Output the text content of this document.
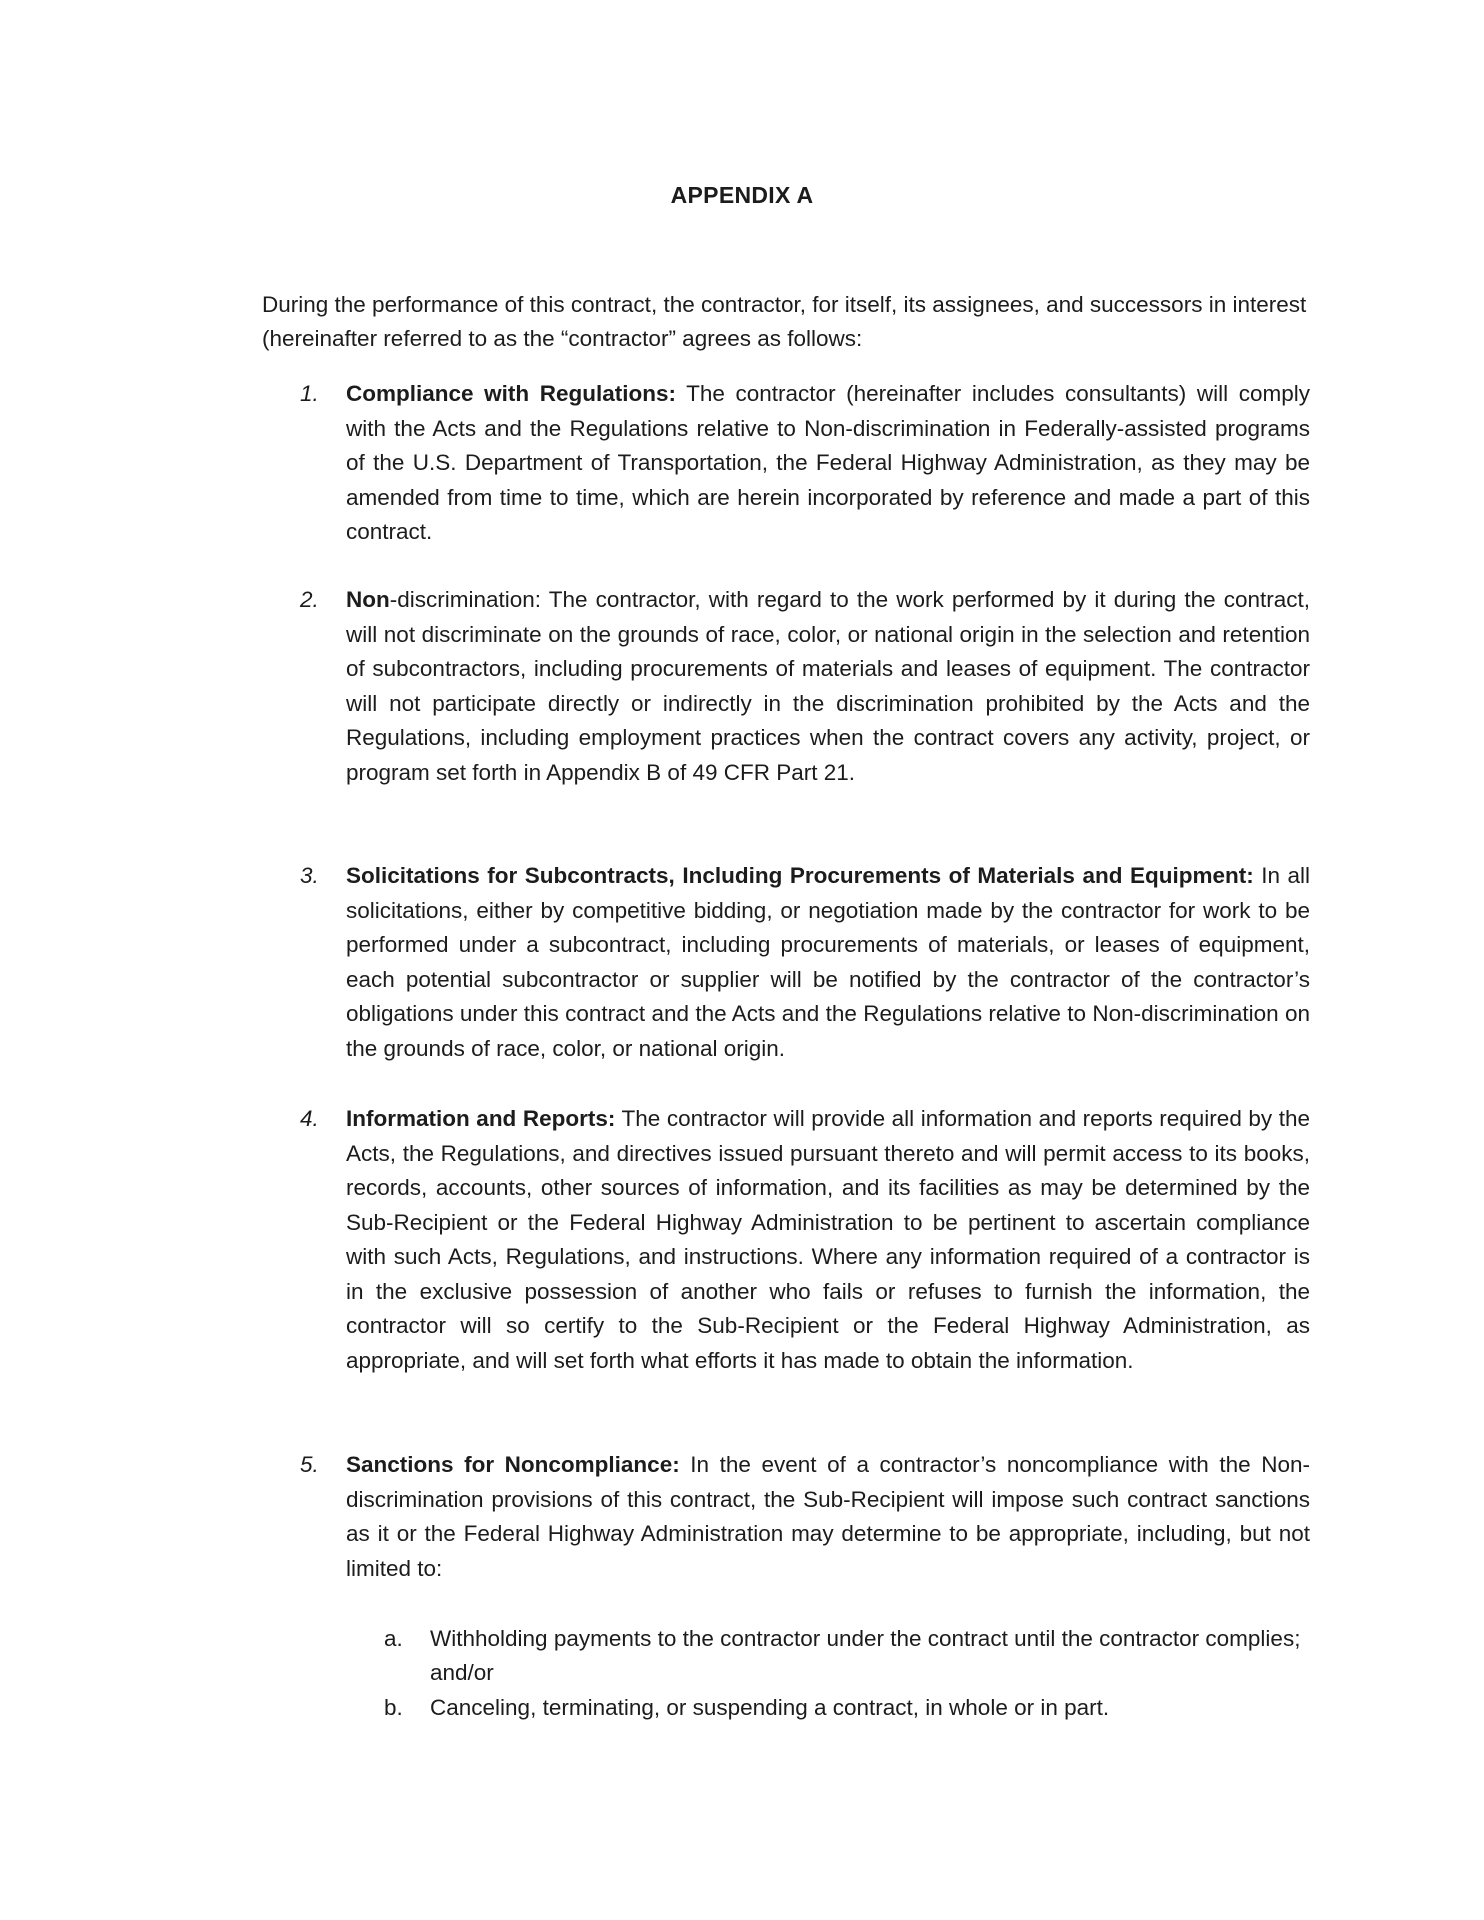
APPENDIX A
During the performance of this contract, the contractor, for itself, its assignees, and successors in interest (hereinafter referred to as the “contractor” agrees as follows:
1.	Compliance with Regulations: The contractor (hereinafter includes consultants) will comply with the Acts and the Regulations relative to Non-discrimination in Federally-assisted programs of the U.S. Department of Transportation, the Federal Highway Administration, as they may be amended from time to time, which are herein incorporated by reference and made a part of this contract.
2.	Non-discrimination: The contractor, with regard to the work performed by it during the contract, will not discriminate on the grounds of race, color, or national origin in the selection and retention of subcontractors, including procurements of materials and leases of equipment. The contractor will not participate directly or indirectly in the discrimination prohibited by the Acts and the Regulations, including employment practices when the contract covers any activity, project, or program set forth in Appendix B of 49 CFR Part 21.
3.	Solicitations for Subcontracts, Including Procurements of Materials and Equipment: In all solicitations, either by competitive bidding, or negotiation made by the contractor for work to be performed under a subcontract, including procurements of materials, or leases of equipment, each potential subcontractor or supplier will be notified by the contractor of the contractor’s obligations under this contract and the Acts and the Regulations relative to Non-discrimination on the grounds of race, color, or national origin.
4.	Information and Reports: The contractor will provide all information and reports required by the Acts, the Regulations, and directives issued pursuant thereto and will permit access to its books, records, accounts, other sources of information, and its facilities as may be determined by the Sub-Recipient or the Federal Highway Administration to be pertinent to ascertain compliance with such Acts, Regulations, and instructions. Where any information required of a contractor is in the exclusive possession of another who fails or refuses to furnish the information, the contractor will so certify to the Sub-Recipient or the Federal Highway Administration, as appropriate, and will set forth what efforts it has made to obtain the information.
5.	Sanctions for Noncompliance: In the event of a contractor’s noncompliance with the Non-discrimination provisions of this contract, the Sub-Recipient will impose such contract sanctions as it or the Federal Highway Administration may determine to be appropriate, including, but not limited to:
a.	Withholding payments to the contractor under the contract until the contractor complies; and/or
b.	Canceling, terminating, or suspending a contract, in whole or in part.
